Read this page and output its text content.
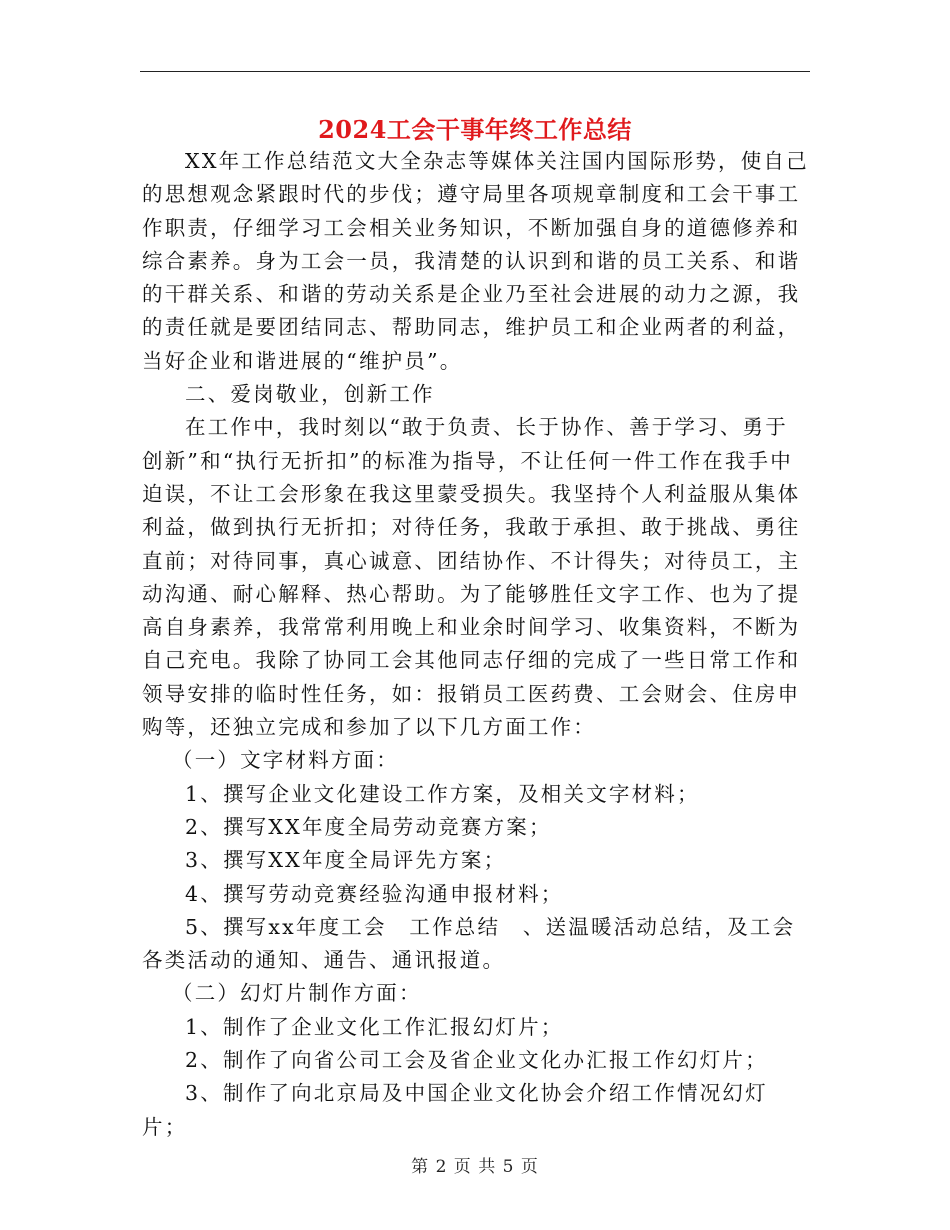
2024工会干事年终工作总结

XX年工作总结范文大全杂志等媒体关注国内国际形势，使自己的思想观念紧跟时代的步伐；遵守局里各项规章制度和工会干事工作职责，仔细学习工会相关业务知识，不断加强自身的道德修养和综合素养。身为工会一员，我清楚的认识到和谐的员工关系、和谐的干群关系、和谐的劳动关系是企业乃至社会进展的动力之源，我的责任就是要团结同志、帮助同志，维护员工和企业两者的利益，当好企业和谐进展的“维护员”。

二、爱岗敬业，创新工作

在工作中，我时刻以“敢于负责、长于协作、善于学习、勇于创新”和“执行无折扣”的标准为指导，不让任何一件工作在我手中迫误，不让工会形象在我这里蒙受损失。我坚持个人利益服从集体利益，做到执行无折扣；对待任务，我敢于承担、敢于挑战、勇往直前；对待同事，真心诚意、团结协作、不计得失；对待员工，主动沟通、耐心解释、热心帮助。为了能够胜任文字工作、也为了提高自身素养，我常常利用晚上和业余时间学习、收集资料，不断为自己充电。我除了协同工会其他同志仔细的完成了一些日常工作和领导安排的临时性任务，如：报销员工医药费、工会财会、住房申购等，还独立完成和参加了以下几方面工作：

（一）文字材料方面：

1、撰写企业文化建设工作方案，及相关文字材料；

2、撰写XX年度全局劳动竞赛方案；

3、撰写XX年度全局评先方案；

4、撰写劳动竞赛经验沟通申报材料；

5、撰写xx年度工会　工作总结　、送温暖活动总结，及工会各类活动的通知、通告、通讯报道。

（二）幻灯片制作方面：

1、制作了企业文化工作汇报幻灯片；

2、制作了向省公司工会及省企业文化办汇报工作幻灯片；

3、制作了向北京局及中国企业文化协会介绍工作情况幻灯片；

第 2 页 共 5 页
